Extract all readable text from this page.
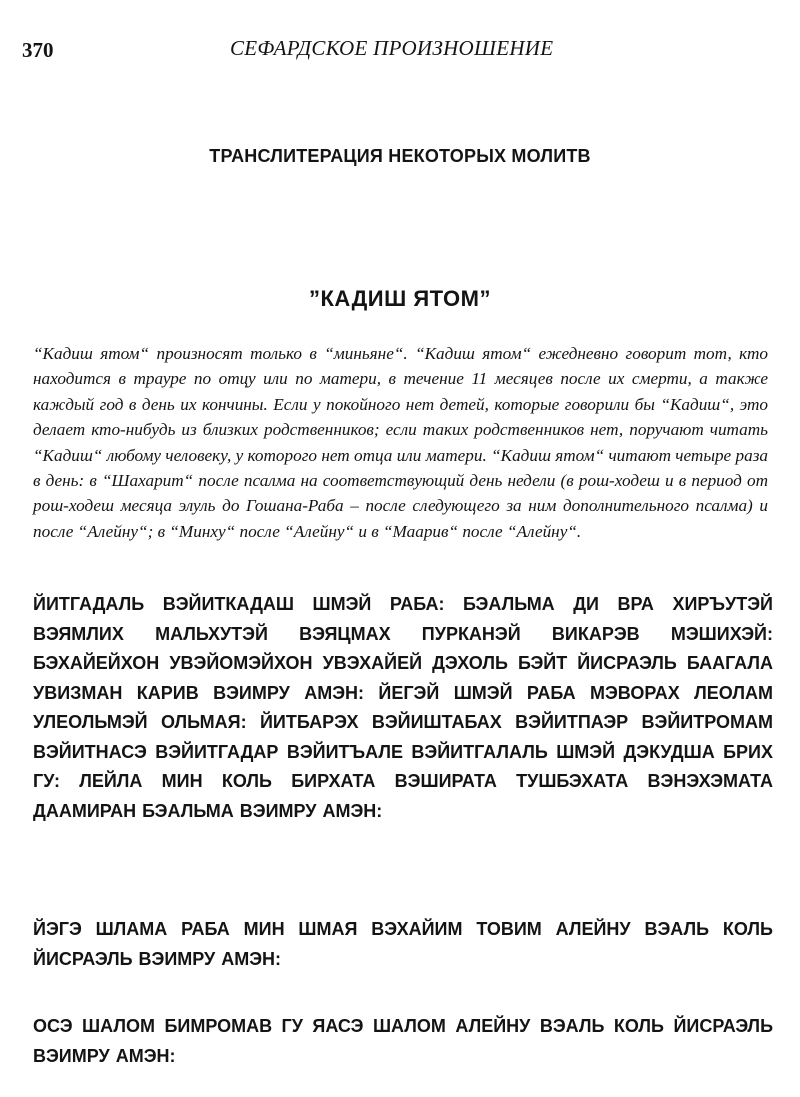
370	СЕФАРДСКОЕ ПРОИЗНОШЕНИЕ
ТРАНСЛИТЕРАЦИЯ НЕКОТОРЫХ МОЛИТВ
”КАДИШ ЯТОМ”

“Кадиш ятом“ произносят только в “миньяне“. “Кадиш ятом“ ежедневно говорит тот, кто находится в трауре по отцу или по матери, в течение 11 месяцев после их смерти, а также каждый год в день их кончины. Если у покойного нет детей, которые говорили бы “Кадиш“, это делает кто-нибудь из близких родственников; если таких родственников нет, поручают читать “Кадиш“ любому человеку, у которого нет отца или матери. “Кадиш ятом“ читают четыре раза в день: в “Шахарит“ после псалма на соответствующий день недели (в рош-ходеш и в период от рош-ходеш месяца элуль до Гошана-Раба – после следующего за ним дополнительного псалма) и после “Алейну“; в “Минху“ после “Алейну“ и в “Маарив“ после “Алейну“.

ЙИТГАДАЛЬ ВЭЙИТКАДАШ ШМЭЙ РАБА: БЭАЛЬМА ДИ ВРА ХИРЪУТЭЙ ВЭЯМЛИХ МАЛЬХУТЭЙ ВЭЯЦМАХ ПУРКАНЭЙ ВИКАРЭВ МЭШИХЭЙ: БЭХАЙЕЙХОН УВЭЙОМЭЙХОН УВЭХАЙЕЙ ДЭХОЛЬ БЭЙТ ЙИСРАЭЛЬ БААГАЛА УВИЗМАН КАРИВ ВЭИМРУ АМЭН: ЙЕГЭЙ ШМЭЙ РАБА МЭВОРАХ ЛЕОЛАМ УЛЕОЛЬМЭЙ ОЛЬМАЯ: ЙИТБАРЭХ ВЭЙИШТАБАХ ВЭЙИТПАЭР ВЭЙИТРОМАМ ВЭЙИТНАСЭ ВЭЙИТГАДАР ВЭЙИТЪАЛЕ ВЭЙИТГАЛАЛЬ ШМЭЙ ДЭКУДША БРИХ ГУ: ЛЕЙЛА МИН КОЛЬ БИРХАТА ВЭШИРАТА ТУШБЭХАТА ВЭНЭХЭМАТА ДААМИРАН БЭАЛЬМА ВЭИМРУ АМЭН:

ЙЭГЭ ШЛАМА РАБА МИН ШМАЯ ВЭХАЙИМ ТОВИМ АЛЕЙНУ ВЭАЛЬ КОЛЬ ЙИСРАЭЛЬ ВЭИМРУ АМЭН:

ОСЭ ШАЛОМ БИМРОМАВ ГУ ЯАСЭ ШАЛОМ АЛЕЙНУ ВЭАЛЬ КОЛЬ ЙИСРАЭЛЬ ВЭИМРУ АМЭН:
